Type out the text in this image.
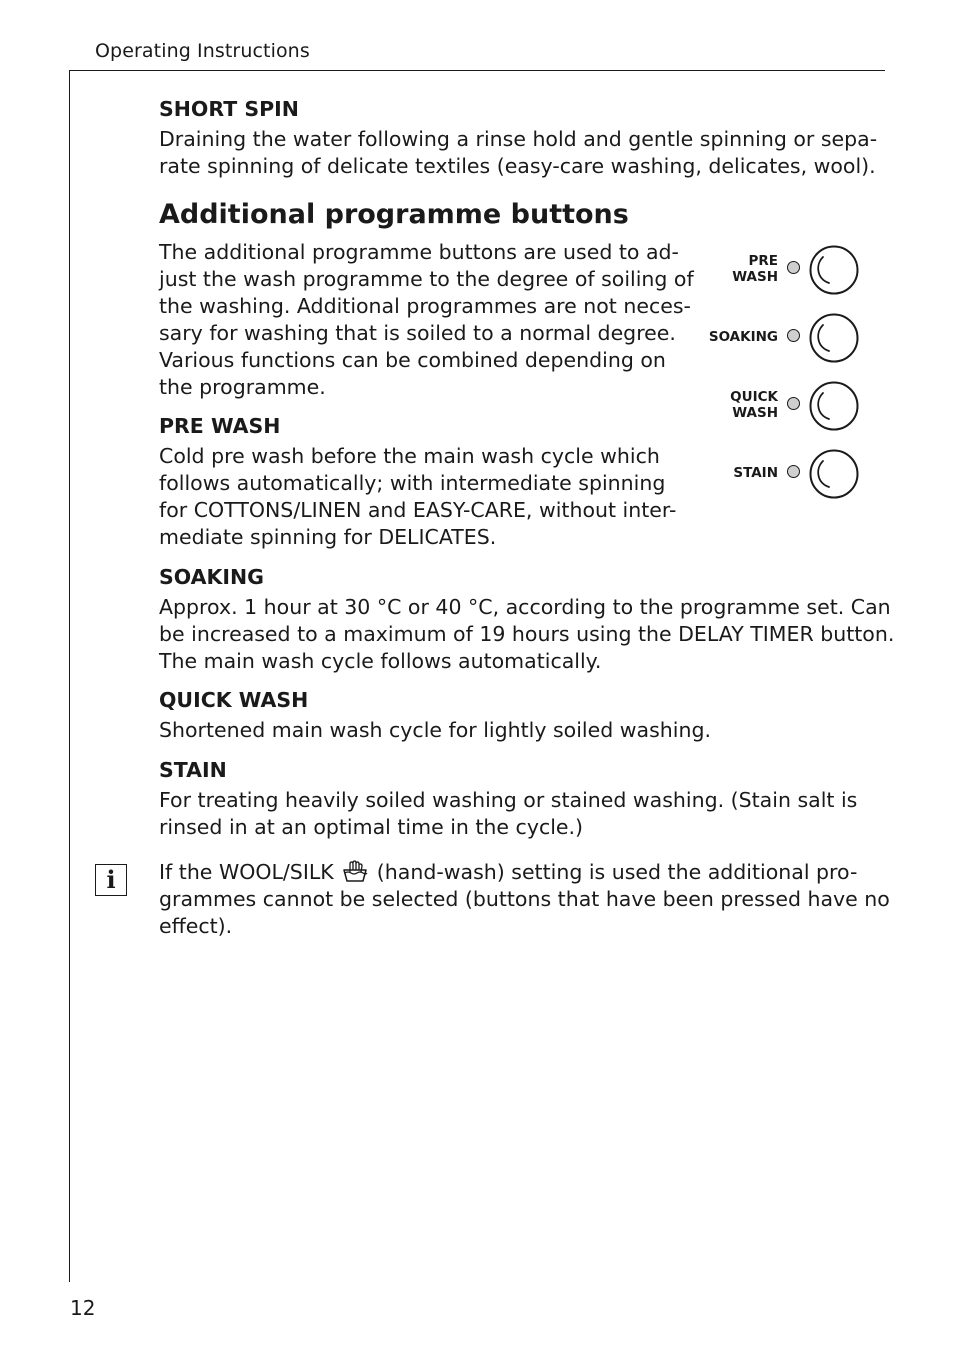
Operating Instructions
SHORT SPIN

Draining the water following a rinse hold and gentle spinning or sepa-
rate spinning of delicate textiles (easy-care washing, delicates, wool).

Additional programme buttons

The additional programme buttons are used to ad-
just the wash programme to the degree of soiling of
the washing. Additional programmes are not neces-
sary for washing that is soiled to a normal degree.
Various functions can be combined depending on
the programme.

PRE
WASH
SOAKING
QUICK
WASH
STAIN
PRE WASH

Cold pre wash before the main wash cycle which
follows automatically; with intermediate spinning
for COTTONS/LINEN and EASY-CARE, without inter-
mediate spinning for DELICATES.

SOAKING

Approx. 1 hour at 30 °C or 40 °C, according to the programme set. Can
be increased to a maximum of 19 hours using the DELAY TIMER button.
The main wash cycle follows automatically.

QUICK WASH

Shortened main wash cycle for lightly soiled washing.

STAIN

For treating heavily soiled washing or stained washing. (Stain salt is
rinsed in at an optimal time in the cycle.)

i	If the WOOL/SILK (hand-wash) setting is used the additional pro-
grammes cannot be selected (buttons that have been pressed have no
effect).

12
